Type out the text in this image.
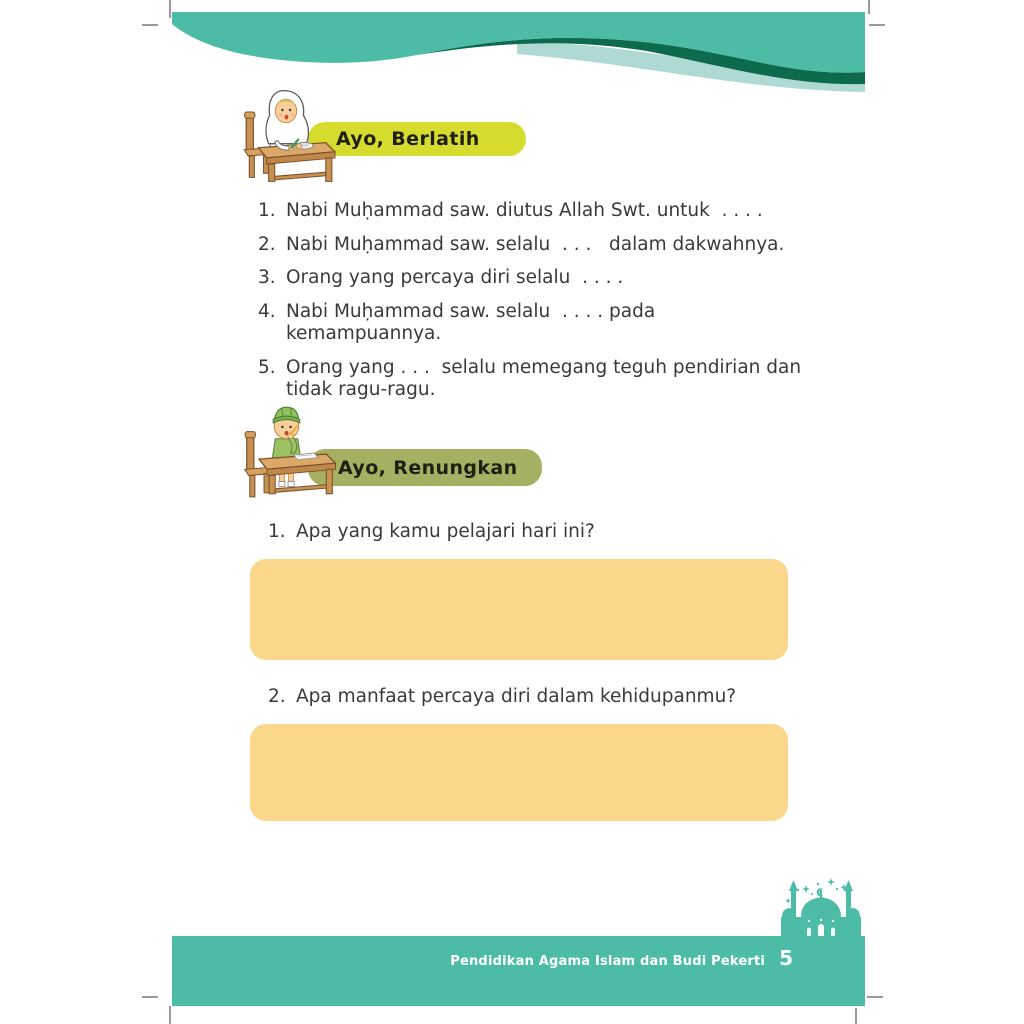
Ayo, Berlatih
1. Nabi Muḥammad saw. diutus Allah Swt. untuk  . . . .
2. Nabi Muḥammad saw. selalu  . . .   dalam dakwahnya.
3. Orang yang percaya diri selalu  . . . .
4. Nabi Muḥammad saw. selalu  . . . . pada kemampuannya.
5. Orang yang . . .  selalu memegang teguh pendirian dan tidak ragu-ragu.
Ayo, Renungkan
1. Apa yang kamu pelajari hari ini?
2. Apa manfaat percaya diri dalam kehidupanmu?
Pendidikan Agama Islam dan Budi Pekerti 5
